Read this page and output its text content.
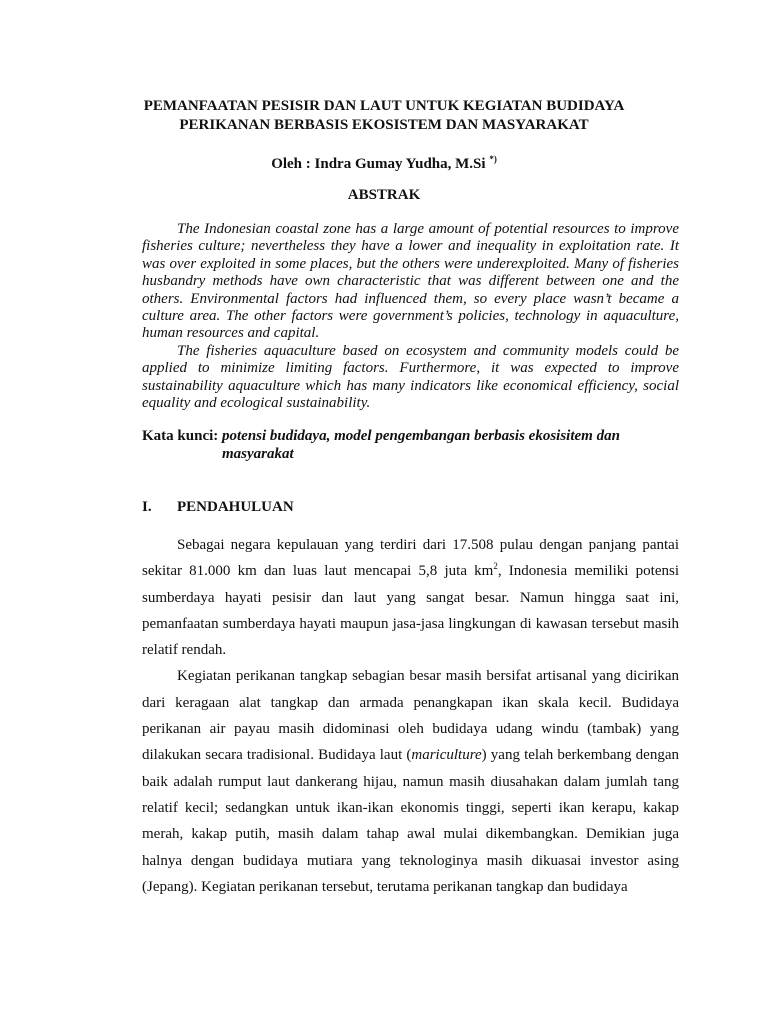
PEMANFAATAN PESISIR DAN LAUT UNTUK KEGIATAN BUDIDAYA
PERIKANAN BERBASIS EKOSISTEM DAN MASYARAKAT
Oleh : Indra Gumay Yudha, M.Si *)
ABSTRAK

The Indonesian coastal zone has a large amount of potential resources to improve fisheries culture; nevertheless they have a lower and inequality in exploitation rate. It was over exploited in some places, but the others were underexploited. Many of fisheries husbandry methods have own characteristic that was different between one and the others. Environmental factors had influenced them, so every place wasn’t became a culture area. The other factors were government’s policies, technology in aquaculture, human resources and capital.

The fisheries aquaculture based on ecosystem and community models could be applied to minimize limiting factors. Furthermore, it was expected to improve sustainability aquaculture which has many indicators like economical efficiency, social equality and ecological sustainability.

Kata kunci: potensi budidaya, model pengembangan berbasis ekosisitem dan masyarakat
I. PENDAHULUAN

Sebagai negara kepulauan yang terdiri dari 17.508 pulau dengan panjang pantai sekitar 81.000 km dan luas laut mencapai 5,8 juta $km^2$, Indonesia memiliki potensi sumberdaya hayati pesisir dan laut yang sangat besar. Namun hingga saat ini, pemanfaatan sumberdaya hayati maupun jasa-jasa lingkungan di kawasan tersebut masih relatif rendah.

Kegiatan perikanan tangkap sebagian besar masih bersifat artisanal yang dicirikan dari keragaan alat tangkap dan armada penangkapan ikan skala kecil. Budidaya perikanan air payau masih didominasi oleh budidaya udang windu (tambak) yang dilakukan secara tradisional. Budidaya laut (mariculture) yang telah berkembang dengan baik adalah rumput laut dankerang hijau, namun masih diusahakan dalam jumlah tang relatif kecil; sedangkan untuk ikan-ikan ekonomis tinggi, seperti ikan kerapu, kakap merah, kakap putih, masih dalam tahap awal mulai dikembangkan. Demikian juga halnya dengan budidaya mutiara yang teknologinya masih dikuasai investor asing (Jepang). Kegiatan perikanan tersebut, terutama perikanan tangkap dan budidaya
